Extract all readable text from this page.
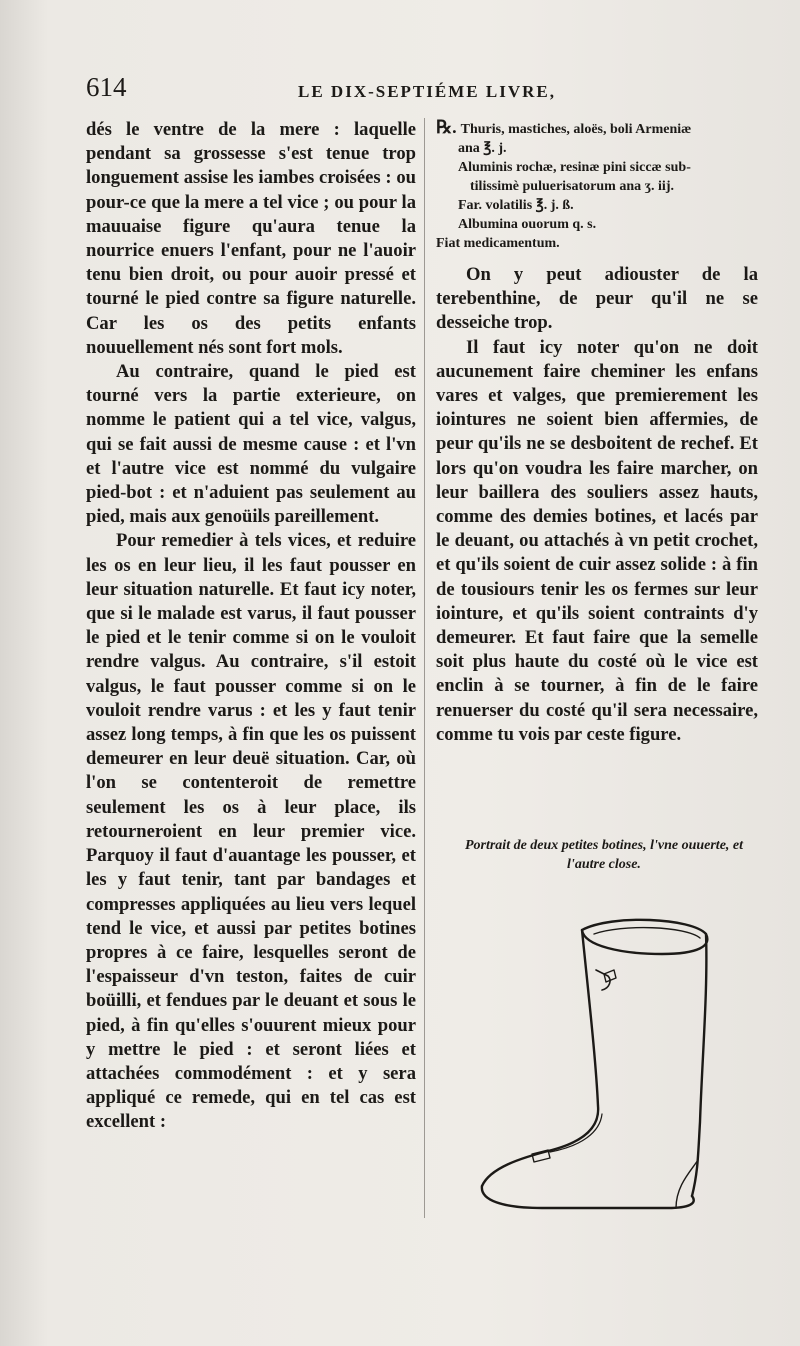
614	LE DIX-SEPTIÉME LIVRE,

dés le ventre de la mere : laquelle pendant sa grossesse s'est tenue trop longuement assise les iambes croisées : ou pour-ce que la mere a tel vice ; ou pour la mauuaise figure qu'aura tenue la nourrice enuers l'enfant, pour ne l'auoir tenu bien droit, ou pour auoir pressé et tourné le pied contre sa figure naturelle. Car les os des petits enfants nouuellement nés sont fort mols.

Au contraire, quand le pied est tourné vers la partie exterieure, on nomme le patient qui a tel vice, valgus, qui se fait aussi de mesme cause : et l'vn et l'autre vice est nommé du vulgaire pied-bot : et n'aduient pas seulement au pied, mais aux genoüils pareillement.

Pour remedier à tels vices, et reduire les os en leur lieu, il les faut pousser en leur situation naturelle. Et faut icy noter, que si le malade est varus, il faut pousser le pied et le tenir comme si on le vouloit rendre valgus. Au contraire, s'il estoit valgus, le faut pousser comme si on le vouloit rendre varus : et les y faut tenir assez long temps, à fin que les os puissent demeurer en leur deuë situation. Car, où l'on se contenteroit de remettre seulement les os à leur place, ils retourneroient en leur premier vice. Parquoy il faut d'auantage les pousser, et les y faut tenir, tant par bandages et compresses appliquées au lieu vers lequel tend le vice, et aussi par petites botines propres à ce faire, lesquelles seront de l'espaisseur d'vn teston, faites de cuir boüilli, et fendues par le deuant et sous le pied, à fin qu'elles s'ouurent mieux pour y mettre le pied : et seront liées et attachées commodément : et y sera appliqué ce remede, qui en tel cas est excellent :

℞. Thuris, mastiches, aloës, boli Armeniæ
ana ℥. j.
Aluminis rochæ, resinæ pini siccæ sub-
tilissimè puluerisatorum ana ʒ. iij.
Far. volatilis ℥. j. ß.
Albumina ouorum q. s.
Fiat medicamentum.

On y peut adiouster de la terebenthine, de peur qu'il ne se desseiche trop.

Il faut icy noter qu'on ne doit aucunement faire cheminer les enfans vares et valges, que premierement les iointures ne soient bien affermies, de peur qu'ils ne se desboitent de rechef. Et lors qu'on voudra les faire marcher, on leur baillera des souliers assez hauts, comme des demies botines, et lacés par le deuant, ou attachés à vn petit crochet, et qu'ils soient de cuir assez solide : à fin de tousiours tenir les os fermes sur leur iointure, et qu'ils soient contraints d'y demeurer. Et faut faire que la semelle soit plus haute du costé où le vice est enclin à se tourner, à fin de le faire renuerser du costé qu'il sera necessaire, comme tu vois par ceste figure.

Portrait de deux petites botines, l'vne ouuerte, et l'autre close.
